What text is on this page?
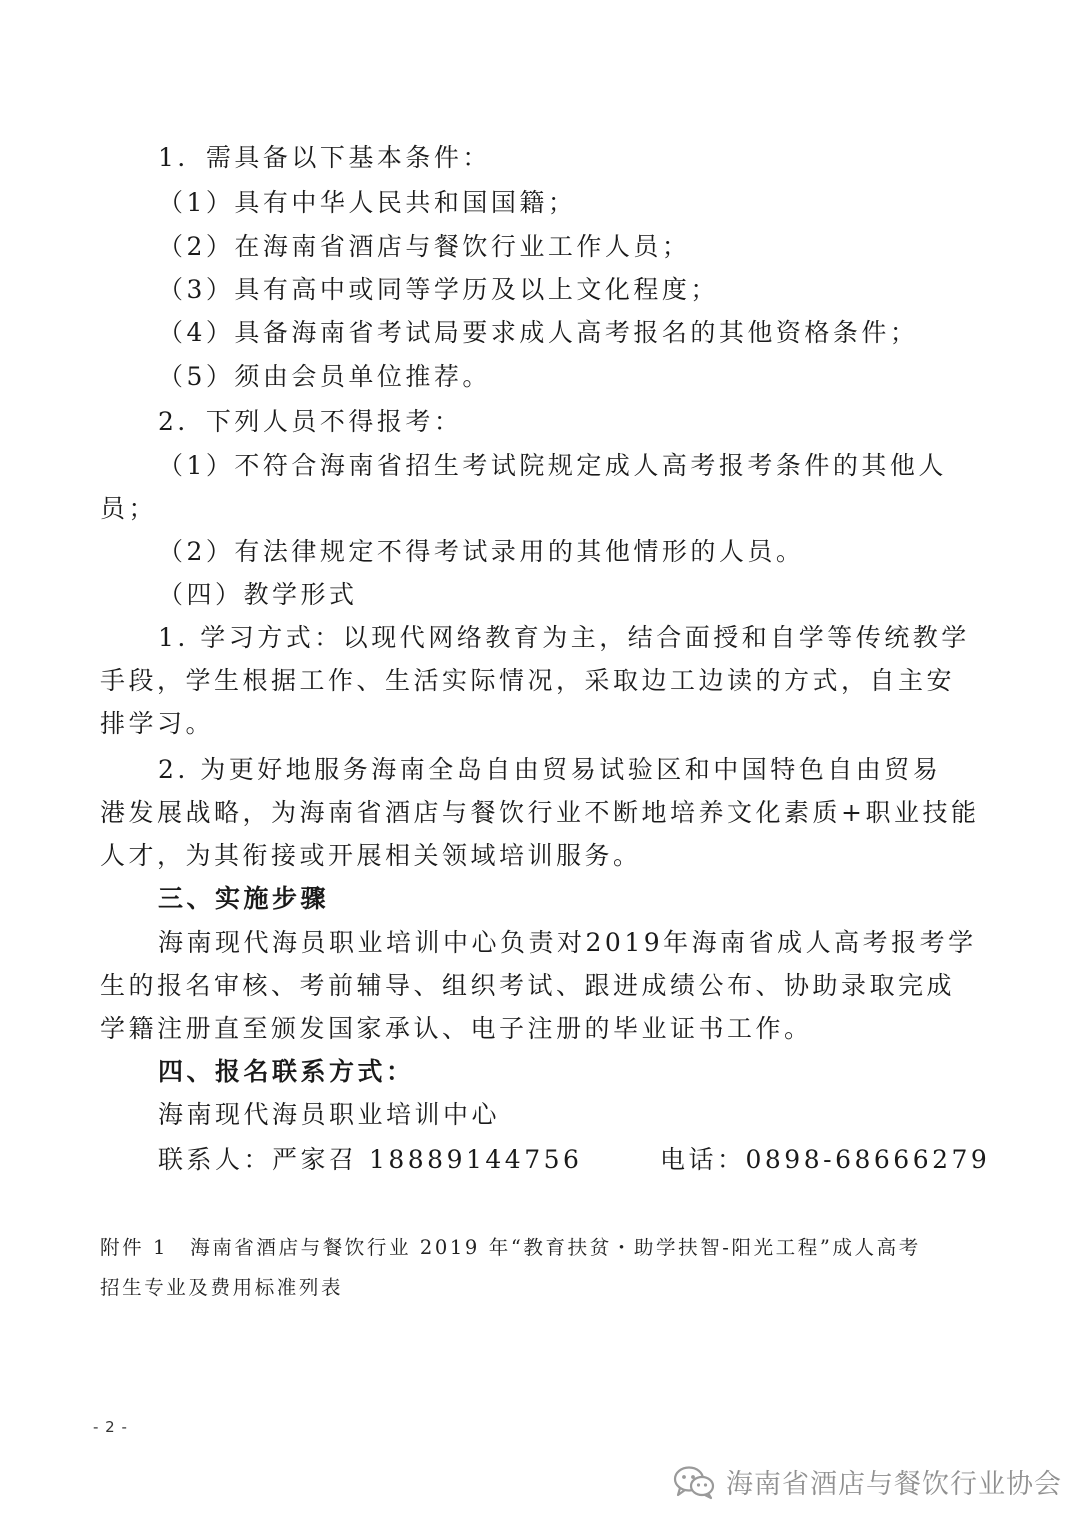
1．需具备以下基本条件：
（1）具有中华人民共和国国籍；
（2）在海南省酒店与餐饮行业工作人员；
（3）具有高中或同等学历及以上文化程度；
（4）具备海南省考试局要求成人高考报名的其他资格条件；
（5）须由会员单位推荐。
2．下列人员不得报考：
（1）不符合海南省招生考试院规定成人高考报考条件的其他人
员；
（2）有法律规定不得考试录用的其他情形的人员。
（四）教学形式
1. 学习方式：以现代网络教育为主，结合面授和自学等传统教学
手段，学生根据工作、生活实际情况，采取边工边读的方式，自主安
排学习。
2. 为更好地服务海南全岛自由贸易试验区和中国特色自由贸易
港发展战略，为海南省酒店与餐饮行业不断地培养文化素质+职业技能
人才，为其衔接或开展相关领域培训服务。
三、实施步骤
海南现代海员职业培训中心负责对2019年海南省成人高考报考学
生的报名审核、考前辅导、组织考试、跟进成绩公布、协助录取完成
学籍注册直至颁发国家承认、电子注册的毕业证书工作。
四、报名联系方式：
海南现代海员职业培训中心
联系人：严家召 18889144756	电话：0898-68666279
附件 1　海南省酒店与餐饮行业 2019 年“教育扶贫・助学扶智-阳光工程”成人高考
招生专业及费用标准列表
- 2 -
海南省酒店与餐饮行业协会
